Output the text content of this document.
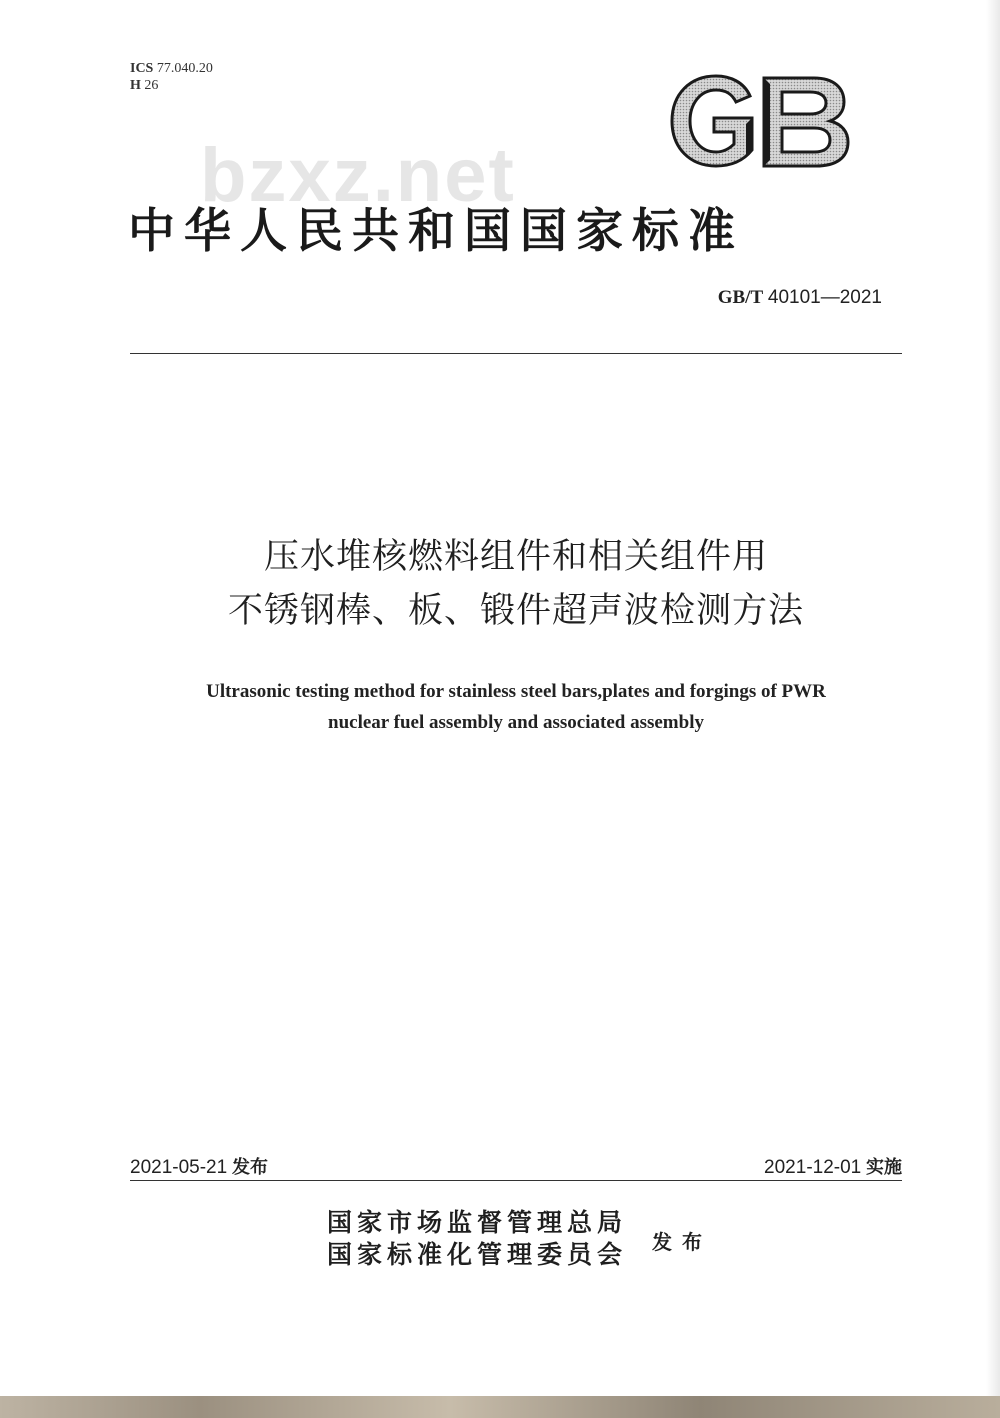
ICS 77.040.20
H 26
bzxz.net
中华人民共和国国家标准
GB/T 40101—2021
压水堆核燃料组件和相关组件用
不锈钢棒、板、锻件超声波检测方法
Ultrasonic testing method for stainless steel bars,plates and forgings of PWR
nuclear fuel assembly and associated assembly
2021-05-21 发布	2021-12-01 实施
国家市场监督管理总局
国家标准化管理委员会 发布
